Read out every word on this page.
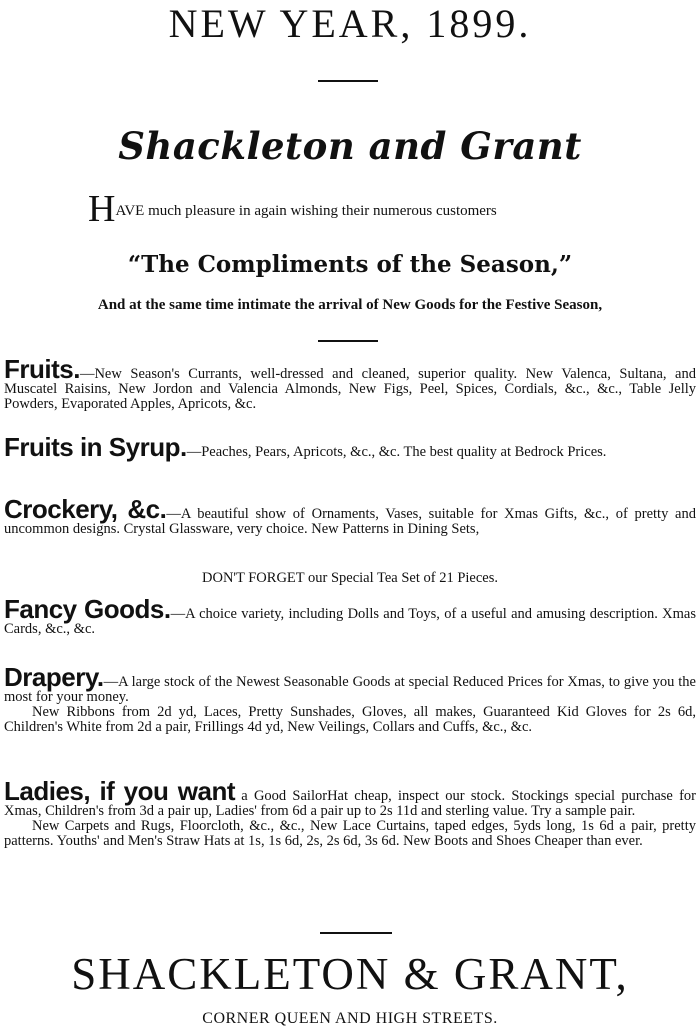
NEW YEAR, 1899.
Shackleton and Grant
HAVE much pleasure in again wishing their numerous customers
“The Compliments of the Season,”
And at the same time intimate the arrival of New Goods for the Festive Season,

Fruits.—New Season's Currants, well-dressed and cleaned, superior quality. New Valenca, Sultana, and Muscatel Raisins, New Jordon and Valencia Almonds, New Figs, Peel, Spices, Cordials, &c., &c., Table Jelly Powders, Evaporated Apples, Apricots, &c.

Fruits in Syrup.—Peaches, Pears, Apricots, &c., &c. The best quality at Bedrock Prices.

Crockery, &c.—A beautiful show of Ornaments, Vases, suitable for Xmas Gifts, &c., of pretty and uncommon designs. Crystal Glassware, very choice. New Patterns in Dining Sets,

DON'T FORGET our Special Tea Set of 21 Pieces.

Fancy Goods.—A choice variety, including Dolls and Toys, of a useful and amusing description. Xmas Cards, &c., &c.

Drapery.—A large stock of the Newest Seasonable Goods at special Reduced Prices for Xmas, to give you the most for your money.
New Ribbons from 2d yd, Laces, Pretty Sunshades, Gloves, all makes, Guaranteed Kid Gloves for 2s 6d, Children's White from 2d a pair, Frillings 4d yd, New Veilings, Collars and Cuffs, &c., &c.

Ladies, if you want a Good SailorHat cheap, inspect our stock. Stockings special purchase for Xmas, Children's from 3d a pair up, Ladies' from 6d a pair up to 2s 11d and sterling value. Try a sample pair.
New Carpets and Rugs, Floorcloth, &c., &c., New Lace Curtains, taped edges, 5yds long, 1s 6d a pair, pretty patterns. Youths' and Men's Straw Hats at 1s, 1s 6d, 2s, 2s 6d, 3s 6d. New Boots and Shoes Cheaper than ever.

SHACKLETON & GRANT,
CORNER QUEEN AND HIGH STREETS.
